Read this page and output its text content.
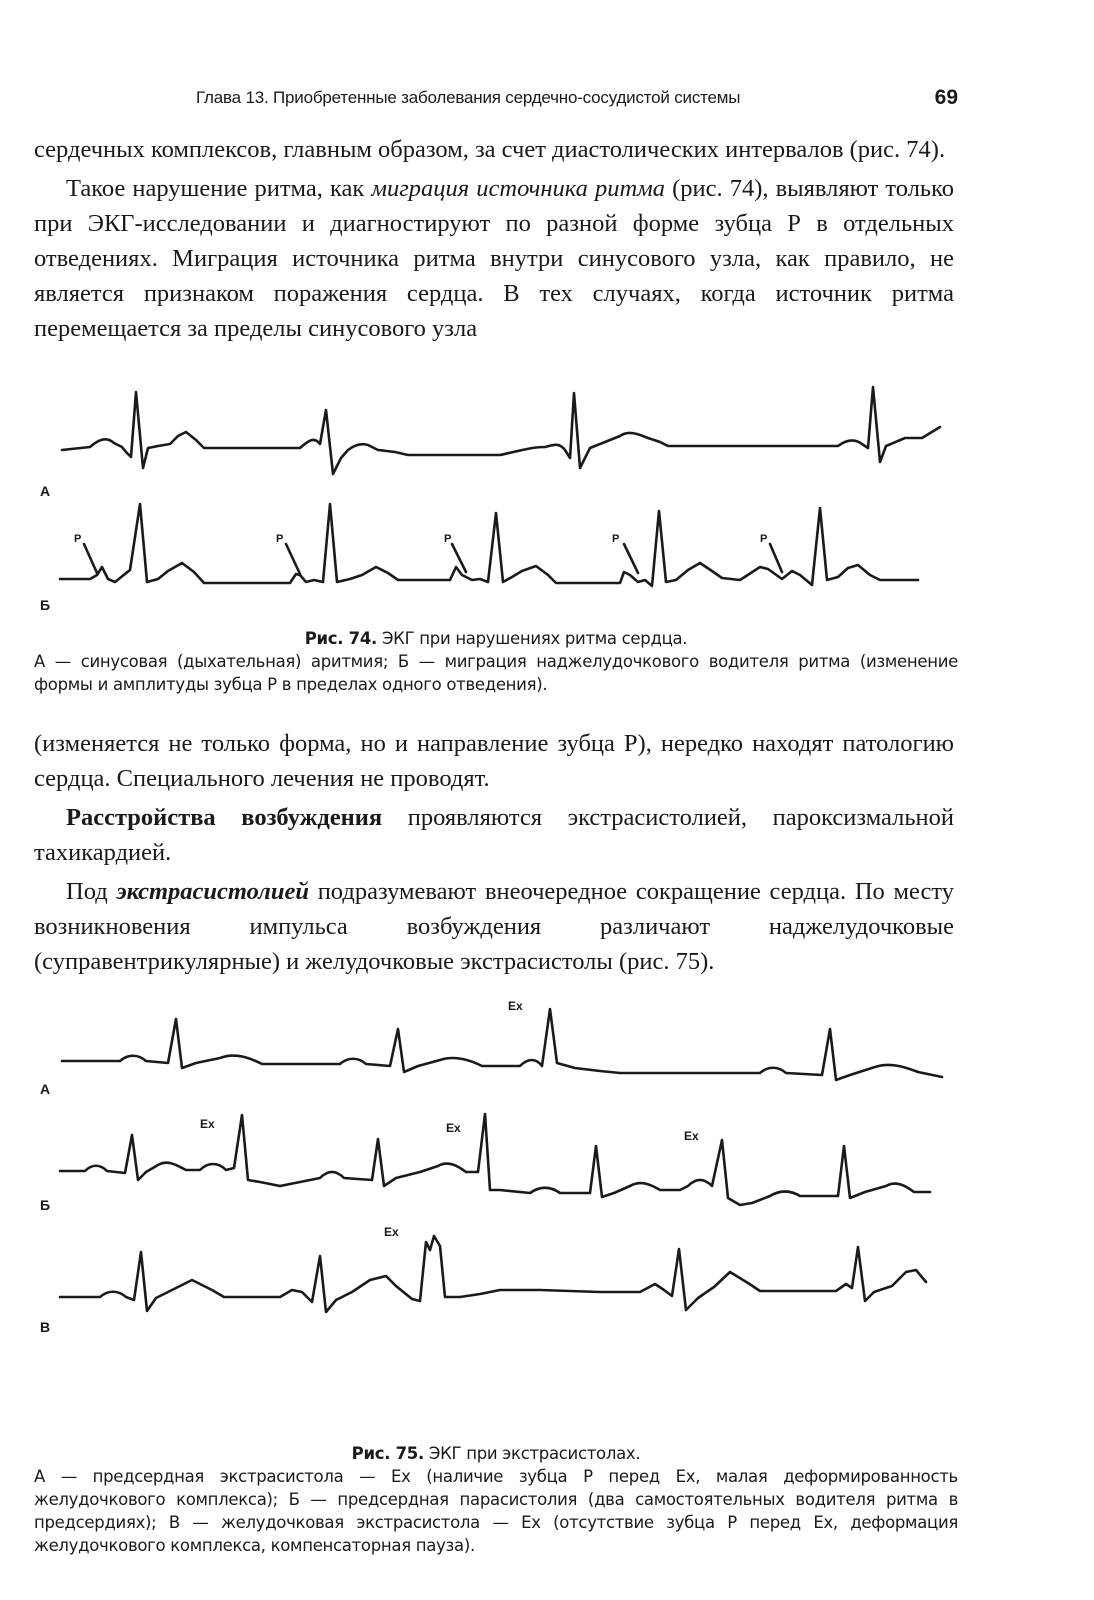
Глава 13. Приобретенные заболевания сердечно-сосудистой системы	69

сердечных комплексов, главным образом, за счет диастолических интервалов (рис. 74).

Такое нарушение ритма, как миграция источника ритма (рис. 74), выявляют только при ЭКГ-исследовании и диагностируют по разной форме зубца Р в отдельных отведениях. Миграция источника ритма внутри синусового узла, как правило, не является признаком поражения сердца. В тех случаях, когда источник ритма перемещается за пределы синусового узла

Р	Р	Р	Р	Р
А
Б
Рис. 74. ЭКГ при нарушениях ритма сердца.
А — синусовая (дыхательная) аритмия; Б — миграция наджелудочкового водителя ритма (изменение формы и амплитуды зубца Р в пределах одного отведения).

(изменяется не только форма, но и направление зубца Р), нередко находят патологию сердца. Специального лечения не проводят.

Расстройства возбуждения проявляются экстрасистолией, пароксизмальной тахикардией.

Под экстрасистолией подразумевают внеочередное сокращение сердца. По месту возникновения импульса возбуждения различают наджелудочковые (суправентрикулярные) и желудочковые экстрасистолы (рис. 75).

Ex
Ex	Ex
Ex
Ex
А
Б
В
Рис. 75. ЭКГ при экстрасистолах.
А — предсердная экстрасистола — Ex (наличие зубца Р перед Ex, малая деформированность желудочкового комплекса); Б — предсердная парасистолия (два самостоятельных водителя ритма в предсердиях); В — желудочковая экстрасистола — Ex (отсутствие зубца Р перед Ex, деформация желудочкового комплекса, компенсаторная пауза).
